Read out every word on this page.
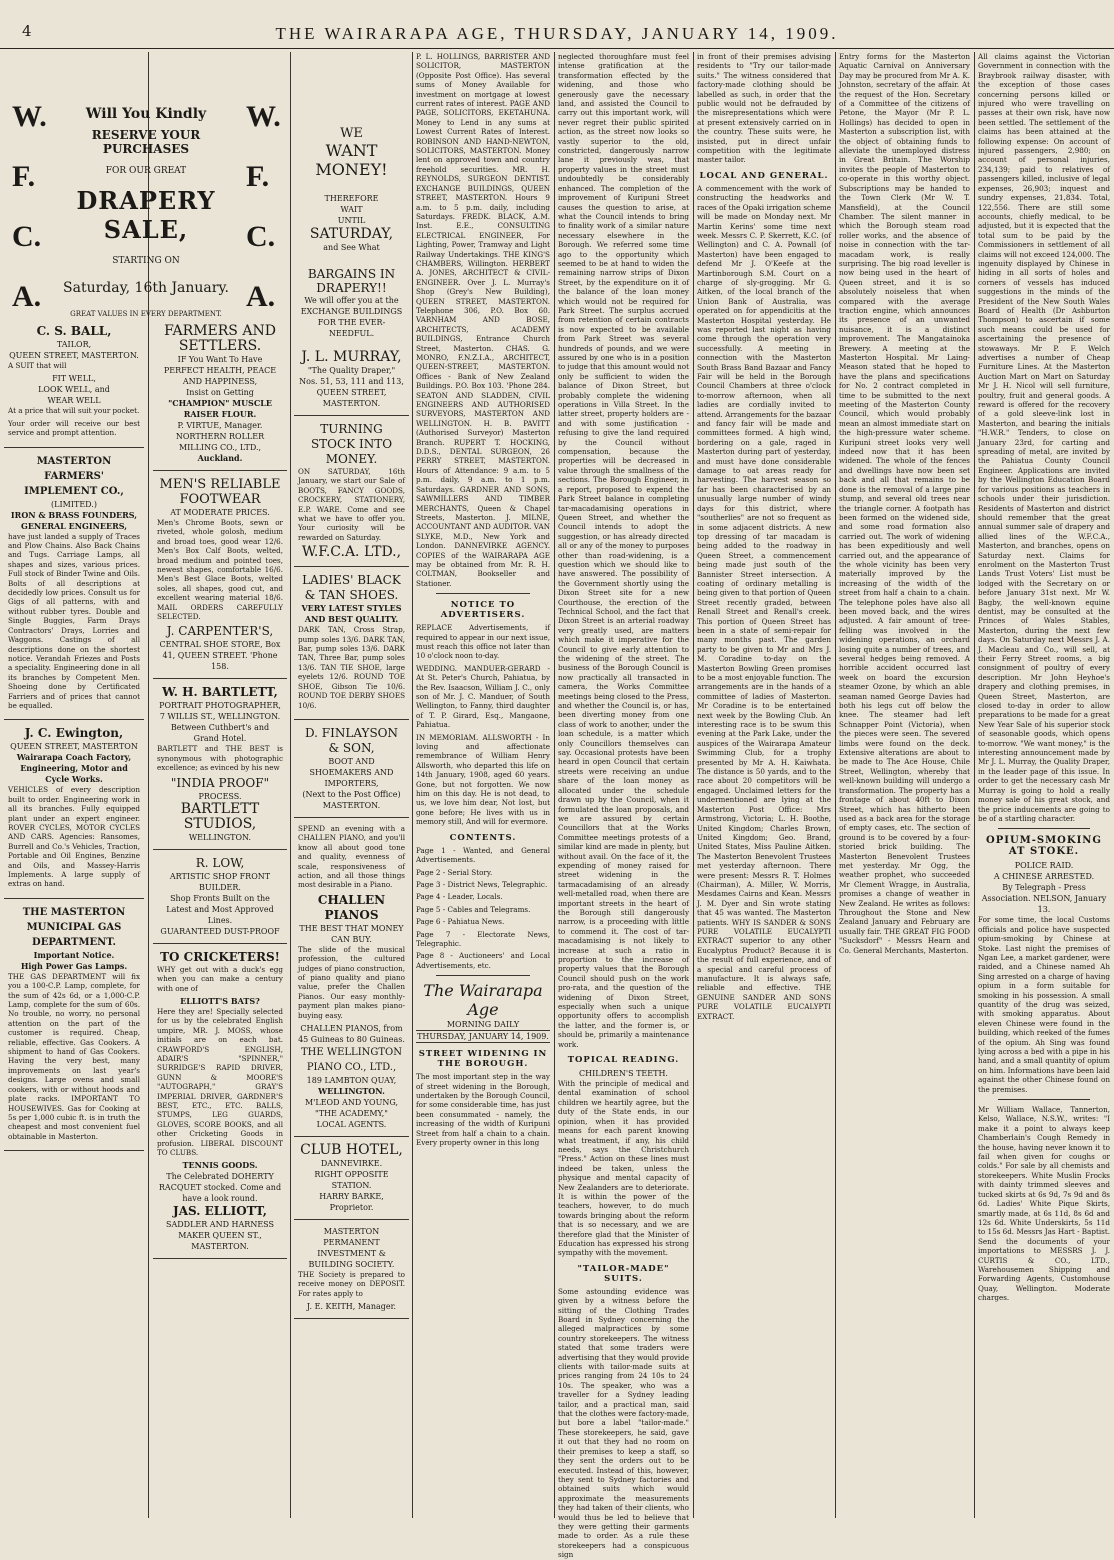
4	THE WAIRARAPA AGE, THURSDAY, JANUARY 14, 1909.
W.
F.
C.
A.
W.
F.
C.
A.
Will You Kindly
RESERVE YOUR PURCHASES
FOR OUR GREAT
DRAPERY SALE,
STARTING ON
Saturday, 16th January.
GREAT VALUES IN EVERY DEPARTMENT.
C. S. BALL,
TAILOR,
QUEEN STREET, MASTERTON.
A SUIT that will
FIT WELL,
LOOK WELL, and
WEAR WELL
At a price that will suit your pocket.
Your order will receive our best service and prompt attention.
MASTERTON FARMERS' IMPLEMENT CO.,
(LIMITED.)
IRON & BRASS FOUNDERS,
GENERAL ENGINEERS,

have just landed a supply of Traces and Plow Chains. Also Back Chains and Tugs. Carriage Lamps, all shapes and sizes, various prices. Full stock of Binder Twine and Oils. Bolts of all descriptions at decidedly low prices. Consult us for Gigs of all patterns, with and without rubber tyres. Double and Single Buggies, Farm Drays Contractors' Drays, Lorries and Waggons. Castings of all descriptions done on the shortest notice. Verandah Friezes and Posts a speciality. Engineering done in all its branches by Competent Men. Shoeing done by Certificated Farriers and of prices that cannot be equalled.

J. C. Ewington,
QUEEN STREET, MASTERTON
Wairarapa Coach Factory, Engineering, Motor and Cycle Works.

VEHICLES of every description built to order. Engineering work in all its branches. Fully equipped plant under an expert engineer. ROVER CYCLES, MOTOR CYCLES AND CARS. Agencies: Ransomes, Burrell and Co.'s Vehicles, Traction, Portable and Oil Engines, Benzine and Oils, and Massey-Harris Implements. A large supply of extras on hand.

THE MASTERTON MUNICIPAL GAS DEPARTMENT.
Important Notice.
High Power Gas Lamps.

THE GAS DEPARTMENT will fix you a 100-C.P. Lamp, complete, for the sum of 42s 6d, or a 1,000-C.P. Lamp, complete for the sum of 60s. No trouble, no worry, no personal attention on the part of the customer is required. Cheap, reliable, effective. Gas Cookers. A shipment to hand of Gas Cookers. Having the very best, many improvements on last year's designs. Large ovens and small cookers, with or without hoods and plate racks. IMPORTANT TO HOUSEWIVES. Gas for Cooking at 5s per 1,000 cubic ft. is in truth the cheapest and most convenient fuel obtainable in Masterton.

FARMERS AND SETTLERS.
IF You Want To Have
PERFECT HEALTH, PEACE AND HAPPINESS,
Insist on Getting
"CHAMPION" MUSCLE RAISER FLOUR.
P. VIRTUE, Manager.
NORTHERN ROLLER MILLING CO., LTD.,
Auckland.
MEN'S RELIABLE FOOTWEAR
AT MODERATE PRICES.

Men's Chrome Boots, sewn or riveted, whole golosh, medium and broad toes, good wear 12/6. Men's Box Calf Boots, welted, broad medium and pointed toes, newest shapes, comfortable 16/6. Men's Best Glace Boots, welted soles, all shapes, good cut, and excellent wearing material 18/6. MAIL ORDERS CAREFULLY SELECTED.

J. CARPENTER'S,
CENTRAL SHOE STORE, Box 41, QUEEN STREET. 'Phone 158.
W. H. BARTLETT,
PORTRAIT PHOTOGRAPHER,
7 WILLIS ST., WELLINGTON.
Between Cuthbert's and Grand Hotel.

BARTLETT and THE BEST is synonymous with photographic excellence; as evinced by his new

"INDIA PROOF"
PROCESS.
BARTLETT STUDIOS,
WELLINGTON.
R. LOW,
ARTISTIC SHOP FRONT BUILDER.
Shop Fronts Built on the Latest and Most Approved Lines.
GUARANTEED DUST-PROOF
TO CRICKETERS!

WHY get out with a duck's egg when you can make a century with one of

ELLIOTT'S BATS?

Here they are! Specially selected for us by the celebrated English umpire, MR. J. MOSS, whose initials are on each bat. CRAWFORD'S ENGLISH, ADAIR'S "SPINNER," SURRIDGE'S RAPID DRIVER, GUNN & MOORE'S "AUTOGRAPH," GRAY'S IMPERIAL DRIVER, GARDNER'S BEST, ETC., ETC. BALLS, STUMPS, LEG GUARDS, GLOVES, SCORE BOOKS, and all other Cricketing Goods in profusion. LIBERAL DISCOUNT TO CLUBS.

TENNIS GOODS.
The Celebrated DOHERTY RACQUET stocked. Come and have a look round.
JAS. ELLIOTT,
SADDLER AND HARNESS MAKER QUEEN ST., MASTERTON.
WE
WANT
MONEY!
THEREFORE
WAIT
UNTIL
SATURDAY,
and See What
BARGAINS IN
DRAPERY!!
We will offer you at the
EXCHANGE BUILDINGS
FOR THE EVER-NEEDFUL.
J. L. MURRAY,
"The Quality Draper,"
Nos. 51, 53, 111 and 113,
QUEEN STREET, MASTERTON.
TURNING STOCK INTO MONEY.

ON SATURDAY, 16th January, we start our Sale of BOOTS, FANCY GOODS, CROCKERY, STATIONERY, E.P. WARE. Come and see what we have to offer you. Your curiosity will be rewarded on Saturday.

W.F.C.A. LTD.,
LADIES' BLACK & TAN SHOES.
VERY LATEST STYLES AND BEST QUALITY.

DARK TAN, Cross Strap, pump soles 13/6. DARK TAN, Bar, pump soles 13/6. DARK TAN, Three Bar, pump soles 13/6. TAN TIE SHOE, large eyelets 12/6. ROUND TOE SHOE, Gibson Tie 10/6. ROUND TOE DERBY SHOES 10/6.

D. FINLAYSON & SON,
BOOT AND SHOEMAKERS AND IMPORTERS,
(Next to the Post Office)
MASTERTON.

SPEND an evening with a CHALLEN PIANO, and you'll know all about good tone and quality, evenness of scale, responsiveness of action, and all those things most desirable in a Piano.

CHALLEN PIANOS
THE BEST THAT MONEY CAN BUY.

The slide of the musical profession, the cultured judges of piano construction, of piano quality and piano value, prefer the Challen Pianos. Our easy monthly-payment plan makes piano-buying easy.

CHALLEN PIANOS, from 45 Guineas to 80 Guineas.
THE WELLINGTON PIANO CO., LTD.,
189 LAMBTON QUAY,
WELLINGTON.
M'LEOD AND YOUNG, "THE ACADEMY,"
LOCAL AGENTS.
CLUB HOTEL,
DANNEVIRKE.
RIGHT OPPOSITE STATION.
HARRY BARKE, Proprietor.
MASTERTON PERMANENT INVESTMENT & BUILDING SOCIETY.

THE Society is prepared to receive money on DEPOSIT. For rates apply to

J. E. KEITH, Manager.

P. L. HOLLINGS, BARRISTER AND SOLICITOR, MASTERTON (Opposite Post Office). Has several sums of Money Available for investment on mortgage at lowest current rates of interest. PAGE AND PAGE, SOLICITORS, EKETAHUNA. Money to Lend in any sums at Lowest Current Rates of Interest. ROBINSON AND HAND-NEWTON, SOLICITORS, MASTERTON. Money lent on approved town and country freehold securities. MR. H. REYNOLDS, SURGEON DENTIST. EXCHANGE BUILDINGS, QUEEN STREET, MASTERTON. Hours 9 a.m. to 5 p.m. daily, including Saturdays. FREDK. BLACK, A.M. Inst. E.E., CONSULTING ELECTRICAL ENGINEER, For Lighting, Power, Tramway and Light Railway Undertakings. THE KING'S CHAMBERS, Willington. HERBERT A. JONES, ARCHITECT & CIVIL-ENGINEER. Over J. L. Murray's Shop (Grey's New Building), QUEEN STREET, MASTERTON. Telephone 306, P.O. Box 60. VARNHAM AND BOSE, ARCHITECTS, ACADEMY BUILDINGS, Entrance Church Street, Masterton. CHAS. G. MONRO, F.N.Z.I.A., ARCHITECT, QUEEN-STREET, MASTERTON. Offices - Bank of New Zealand Buildings. P.O. Box 103. 'Phone 284. SEATON AND SLADDEN, CIVIL ENGINEERS AND AUTHORISED SURVEYORS, MASTERTON AND WELLINGTON. H. B. PAVITT (Authorised Surveyor) Masterton Branch. RUPERT T. HOCKING, D.D.S., DENTAL SURGEON, 26 PERRY STREET, MASTERTON. Hours of Attendance: 9 a.m. to 5 p.m. daily, 9 a.m. to 1 p.m. Saturdays. GARDNER AND SONS, SAWMILLERS AND TIMBER MERCHANTS, Queen & Chapel Streets, Masterton. J. MILNE, ACCOUNTANT AND AUDITOR. VAN SLYKE, M.D., New York and London. DANNEVIRKE AGENCY. COPIES of the WAIRARAPA AGE may be obtained from Mr. R. H. COLTMAN, Bookseller and Stationer.

NOTICE TO ADVERTISERS.

REPLACE Advertisements, if required to appear in our next issue, must reach this office not later than 10 o'clock noon to-day.

WEDDING. MANDUER-GERARD - At St. Peter's Church, Pahiatua, by the Rev. Isaacson, William J. C., only son of Mr. J. C. Manduer, of South Wellington, to Fanny, third daughter of T. P. Girard, Esq., Mangaone, Pahiatua.

IN MEMORIAM. ALLSWORTH - In loving and affectionate remembrance of William Henry Allsworth, who departed this life on 14th January, 1908, aged 60 years. Gone, but not forgotten. We now him on this day. He is not dead, to us, we love him dear, Not lost, but gone before; He lives with us in memory still, And will for evermore.

CONTENTS.
Page 1 - Wanted, and General Advertisements.
Page 2 - Serial Story.
Page 3 - District News, Telegraphic.
Page 4 - Leader, Locals.
Page 5 - Cables and Telegrams.
Page 6 - Pahiatua News.
Page 7 - Electorate News, Telegraphic.
Page 8 - Auctioneers' and Local Advertisements, etc.
The Wairarapa Age
MORNING DAILY
THURSDAY, JANUARY 14, 1909.
STREET WIDENING IN THE BOROUGH.

The most important step in the way of street widening in the Borough, undertaken by the Borough Council, for some considerable time, has just been consummated - namely, the increasing of the width of Kuripuni Street from half a chain to a chain. Every property owner in this long

neglected thoroughfare must feel intense gratification at the transformation effected by the widening, and those who generously gave the necessary land, and assisted the Council to carry out this important work, will never regret their public spirited action, as the street now looks so vastly superior to the old, constricted, dangerously narrow lane it previously was, that property values in the street must undoubtedly be considerably enhanced. The completion of the improvement of Kuripuni Street causes the question to arise, at what the Council intends to bring to finality work of a similar nature necessary elsewhere in the Borough. We referred some time ago to the opportunity which seemed to be at hand to widen the remaining narrow strips of Dixon Street, by the expenditure on it of the balance of the loan money which would not be required for Park Street. The surplus accrued from retention of certain contracts is now expected to be available from Park Street was several hundreds of pounds, and we were assured by one who is in a position to judge that this amount would not only be sufficient to widen the balance of Dixon Street, but probably complete the widening operations in Villa Street. In the latter street, property holders are - and with some justification - refusing to give the land required by the Council without compensation, because the properties will be decreased in value through the smallness of the sections. The Borough Engineer, in a report, proposed to expend the Park Street balance in completing tar-macadamising operations in Queen Street, and whether the Council intends to adopt the suggestion, or has already directed all or any of the money to purposes other than road-widening, is a question which we should like to have answered. The possibility of the Government shortly using the Dixon Street site for a new Courthouse, the erection of the Technical School, and the fact that Dixon Street is an arterial roadway very greatly used, are matters which make it imperative for the Council to give early attention to the widening of the street. The business of the Borough Council is now practically all transacted in camera, the Works Committee meetings being closed to the Press, and whether the Council is, or has, been diverting money from one class of work to another, under the loan schedule, is a matter which only Councillors themselves can say. Occasional protests have been heard in open Council that certain streets were receiving an undue share of the loan money as allocated under the schedule drawn up by the Council, when it formulated the loan proposals, and we are assured by certain Councillors that at the Works Committee meetings protests of a similar kind are made in plenty, but without avail. On the face of it, the expending of money raised for street widening in the tarmacadamising of an already well-metalled road, when there are important streets in the heart of the Borough still dangerously narrow, is a proceeding with little to commend it. The cost of tar-macadamising is not likely to increase at such a ratio in proportion to the increase of property values that the Borough Council should push on the work pro-rata, and the question of the widening of Dixon Street, especially when such a unique opportunity offers to accomplish the latter, and the former is, or should be, primarily a maintenance work.

TOPICAL READING.
CHILDREN'S TEETH.

With the principle of medical and dental examination of school children we heartily agree, but the duty of the State ends, in our opinion, when it has provided means for each parent knowing what treatment, if any, his child needs, says the Christchurch "Press." Action on these lines must indeed be taken, unless the physique and mental capacity of New Zealanders are to deteriorate. It is within the power of the teachers, however, to do much towards bringing about the reform that is so necessary, and we are therefore glad that the Minister of Education has expressed his strong sympathy with the movement.

"TAILOR-MADE" SUITS.

Some astounding evidence was given by a witness before the sitting of the Clothing Trades Board in Sydney concerning the alleged malpractices by some country storekeepers. The witness stated that some traders were advertising that they would provide clients with tailor-made suits at prices ranging from 24 10s to 24 10s. The speaker, who was a traveller for a Sydney leading tailor, and a practical man, said that the clothes were factory-made, but bore a label "tailor-made." These storekeepers, he said, gave it out that they had no room on their premises to keep a staff, so they sent the orders out to be executed. Instead of this, however, they sent to Sydney factories and obtained suits which would approximate the measurements they had taken of their clients, who would thus be led to believe that they were getting their garments made to order. As a rule these storekeepers had a conspicuous sign

in front of their premises advising residents to "Try our tailor-made suits." The witness considered that factory-made clothing should be labelled as such, in order that the public would not be defrauded by the misrepresentations which were at present extensively carried on in the country. These suits were, he insisted, put in direct unfair competition with the legitimate master tailor.

LOCAL AND GENERAL.

A commencement with the work of constructing the headworks and races of the Opaki irrigation scheme will be made on Monday next. Mr Martin Kerins' some time next week. Messrs C. P. Skerrett, K.C. (of Wellington) and C. A. Pownall (of Masterton) have been engaged to defend Mr J. O'Keefe at the Martinborough S.M. Court on a charge of sly-grogging. Mr G. Aitken, of the local branch of the Union Bank of Australia, was operated on for appendicitis at the Masterton Hospital yesterday. He was reported last night as having come through the operation very successfully. A meeting in connection with the Masterton South Brass Band Bazaar and Fancy Fair will be held in the Borough Council Chambers at three o'clock to-morrow afternoon, when all ladies are cordially invited to attend. Arrangements for the bazaar and fancy fair will be made and committees formed. A high wind, bordering on a gale, raged in Masterton during part of yesterday, and must have done considerable damage to oat areas ready for harvesting. The harvest season so far has been characterised by an unusually large number of windy days for this district, where "southerlies" are not so frequent as in some adjacent districts. A new top dressing of tar macadam is being added to the roadway in Queen Street, a commencement being made just south of the Bannister Street intersection. A coating of ordinary metalling is being given to that portion of Queen Street recently graded, between Renall Street and Renall's creek. This portion of Queen Street has been in a state of semi-repair for many months past. The garden party to be given to Mr and Mrs J. M. Coradine to-day on the Masterton Bowling Green promises to be a most enjoyable function. The arrangements are in the hands of a committee of ladies of Masterton. Mr Coradine is to be entertained next week by the Bowling Club. An interesting race is to be swum this evening at the Park Lake, under the auspices of the Wairarapa Amateur Swimming Club, for a trophy presented by Mr A. H. Kaiwhata. The distance is 50 yards, and to the race about 20 competitors will be engaged. Unclaimed letters for the undermentioned are lying at the Masterton Post Office: Mrs Armstrong, Victoria; L. H. Boothe, United Kingdom; Charles Brown, United Kingdom; Geo. Brand, United States, Miss Pauline Aitken. The Masterton Benevolent Trustees met yesterday afternoon. There were present: Messrs R. T. Holmes (Chairman), A. Miller, W. Morris, Mesdames Cairns and Kean. Messrs J. M. Dyer and Sin wrote stating that 45 was wanted. The Masterton patients. WHY IS SANDER & SONS PURE VOLATILE EUCALYPTI EXTRACT superior to any other Eucalyptus Product? Because it is the result of full experience, and of a special and careful process of manufacture. It is always safe, reliable and effective. THE GENUINE SANDER AND SONS PURE VOLATILE EUCALYPTI EXTRACT.

Entry forms for the Masterton Aquatic Carnival on Anniversary Day may be procured from Mr A. K. Johnston, secretary of the affair. At the request of the Hon. Secretary of a Committee of the citizens of Petone, the Mayor (Mr P. L. Hollings) has decided to open in Masterton a subscription list, with the object of obtaining funds to alleviate the unemployed distress in Great Britain. The Worship invites the people of Masterton to co-operate in this worthy object. Subscriptions may be handed to the Town Clerk (Mr W. T. Mansfield), at the Council Chamber. The silent manner in which the Borough steam road roller works, and the absence of noise in connection with the tar-macadam work, is really surprising. The big road leveller is now being used in the heart of Queen street, and it is so absolutely noiseless that when compared with the average traction engine, which announces its presence of an unwanted nuisance, it is a distinct improvement. The Mangatainoka Brewery. A meeting at the Masterton Hospital. Mr Laing-Meason stated that he hoped to have the plans and specifications for No. 2 contract completed in time to be submitted to the next meeting of the Masterton County Council, which would probably mean an almost immediate start on the high-pressure water scheme. Kuripuni street looks very well indeed now that it has been widened. The whole of the fences and dwellings have now been set back and all that remains to be done is the removal of a large pine stump, and several old trees near the triangle corner. A footpath has been formed on the widened side, and some road formation also carried out. The work of widening has been expeditiously and well carried out, and the appearance of the whole vicinity has been very materially improved by the increasing of the width of the street from half a chain to a chain. The telephone poles have also all been moved back, and the wires adjusted. A fair amount of tree-felling was involved in the widening operations, an orchard losing quite a number of trees, and several hedges being removed. A horrible accident occurred last week on board the excursion steamer Ozone, by which an able seaman named George Davies had both his legs cut off below the knee. The steamer had left Schnapper Point (Victoria), when the pieces were seen. The severed limbs were found on the deck. Extensive alterations are about to be made to The Ace House, Chile Street, Wellington, whereby that well-known building will undergo a transformation. The property has a frontage of about 40ft to Dixon Street, which has hitherto been used as a back area for the storage of empty cases, etc. The section of ground is to be covered by a four-storied brick building. The Masterton Benevolent Trustees met yesterday. Mr Ogg, the weather prophet, who succeeded Mr Clement Wragge, in Australia, promises a change of weather in New Zealand. He writes as follows: Throughout the Stone and New Zealand January and February are usually fair. THE GREAT FIG FOOD "Sucksdorf" - Messrs Hearn and Co. General Merchants, Masterton.

All claims against the Victorian Government in connection with the Braybrook railway disaster, with the exception of those cases concerning persons killed or injured who were travelling on passes at their own risk, have now been settled. The settlement of the claims has been attained at the following expense: On account of injured passengers, 2,980; on account of personal injuries, 234,139; paid to relatives of passengers killed, inclusive of legal expenses, 26,903; inquest and sundry expenses, 21,834. Total, 122,556. There are still some accounts, chiefly medical, to be adjusted, but it is expected that the total sum to be paid by the Commissioners in settlement of all claims will not exceed 124,000. The ingenuity displayed by Chinese in hiding in all sorts of holes and corners of vessels has induced suggestions in the minds of the President of the New South Wales Board of Health (Dr Ashburton Thompson) to ascertain if some such means could be used for ascertaining the presence of stowaways. Mr P. F. Welch advertises a number of Cheap Furniture Lines. At the Masterton Auction Mart on Mart on Saturday Mr J. H. Nicol will sell furniture, poultry, fruit and general goods. A reward is offered for the recovery of a gold sleeve-link lost in Masterton, and bearing the initials "H.W.R." Tenders, to close on January 23rd, for carting and spreading of metal, are invited by the Pahiatua County Council Engineer. Applications are invited by the Wellington Education Board for various positions as teachers in schools under their jurisdiction. Residents of Masterton and district should remember that the great annual summer sale of drapery and allied lines of the W.F.C.A., Masterton, and branches, opens on Saturday next. Claims for enrolment on the Masterton Trust Lands Trust Voters' List must be lodged with the Secretary on or before January 31st next. Mr W. Bagby, the well-known equine dentist, may be consulted at the Princes of Wales Stables, Masterton, during the next few days. On Saturday next Messrs J. A. J. Macleau and Co., will sell, at their Ferry Street rooms, a big consignment of poultry of every description. Mr John Heyhoe's drapery and clothing premises, in Queen Street, Masterton, are closed to-day in order to allow preparations to be made for a great New Year Sale of his superior stock of seasonable goods, which opens to-morrow. "We want money," is the interesting announcement made by Mr J. L. Murray, the Quality Draper, in the leader page of this issue. In order to get the necessary cash Mr Murray is going to hold a really money sale of his great stock, and the price inducements are going to be of a startling character.

OPIUM-SMOKING AT STOKE.
POLICE RAID.
A CHINESE ARRESTED.
By Telegraph - Press Association. NELSON, January 13.

For some time, the local Customs officials and police have suspected opium-smoking by Chinese at Stoke. Last night the premises of Ngan Lee, a market gardener, were raided, and a Chinese named Ah Sing arrested on a charge of having opium in a form suitable for smoking in his possession. A small quantity of the drug was seized, with smoking apparatus. About eleven Chinese were found in the building, which reeked of the fumes of the opium. Ah Sing was found lying across a bed with a pipe in his hand, and a small quantity of opium on him. Informations have been laid against the other Chinese found on the premises.

Mr William Wallace, Tannerton, Kelso, Wallace, N.S.W., writes: "I make it a point to always keep Chamberlain's Cough Remedy in the house, having never known it to fail when given for coughs or colds." For sale by all chemists and storekeepers. White Muslin Frocks with dainty trimmed sleeves and tucked skirts at 6s 9d, 7s 9d and 8s 6d. Ladies' White Pique Skirts, smartly made, at 6s 11d, 8s 6d and 12s 6d. White Underskirts, 5s 11d to 15s 6d. Messrs Jas Hart - Baptist. Send the documents of your importations to MESSRS J. J. CURTIS & CO., LTD., Warehousemen Shipping and Forwarding Agents, Customhouse Quay, Wellington. Moderate charges.
